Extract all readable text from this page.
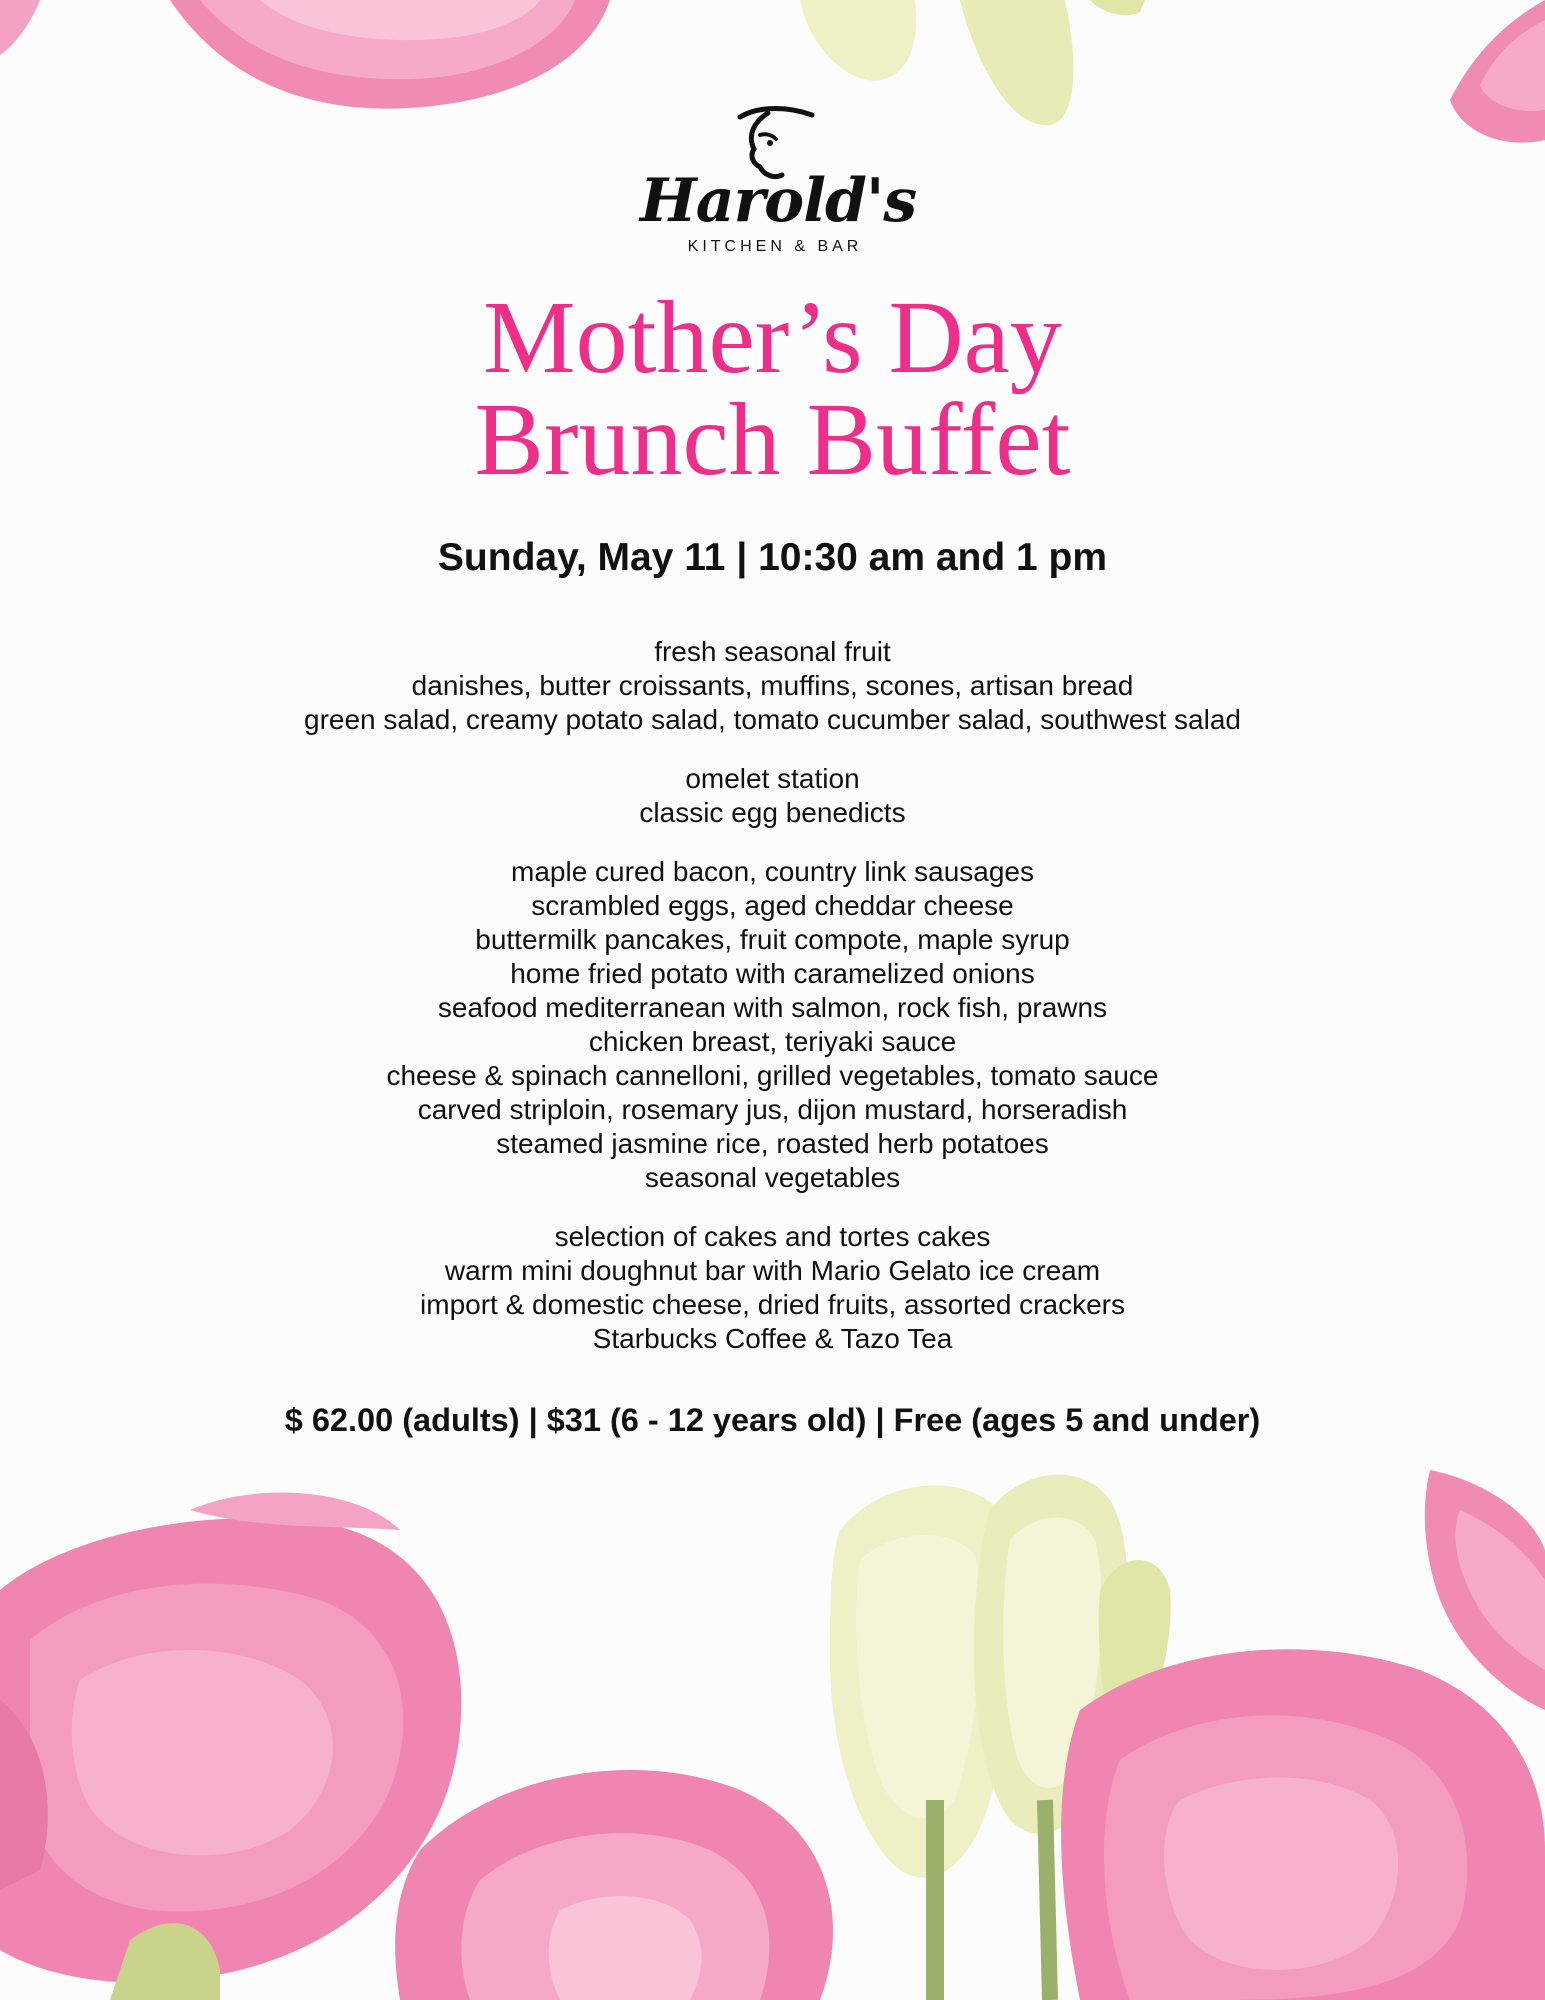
Harold's
KITCHEN & BAR
Mother’s Day
Brunch Buffet
Sunday, May 11 | 10:30 am and 1 pm
fresh seasonal fruit
danishes, butter croissants, muffins, scones, artisan bread
green salad, creamy potato salad, tomato cucumber salad, southwest salad
omelet station
classic egg benedicts
maple cured bacon, country link sausages
scrambled eggs, aged cheddar cheese
buttermilk pancakes, fruit compote, maple syrup
home fried potato with caramelized onions
seafood mediterranean with salmon, rock fish, prawns
chicken breast, teriyaki sauce
cheese & spinach cannelloni, grilled vegetables, tomato sauce
carved striploin, rosemary jus, dijon mustard, horseradish
steamed jasmine rice, roasted herb potatoes
seasonal vegetables
selection of cakes and tortes cakes
warm mini doughnut bar with Mario Gelato ice cream
import & domestic cheese, dried fruits, assorted crackers
Starbucks Coffee & Tazo Tea
$ 62.00 (adults) | $31 (6 - 12 years old) | Free (ages 5 and under)
